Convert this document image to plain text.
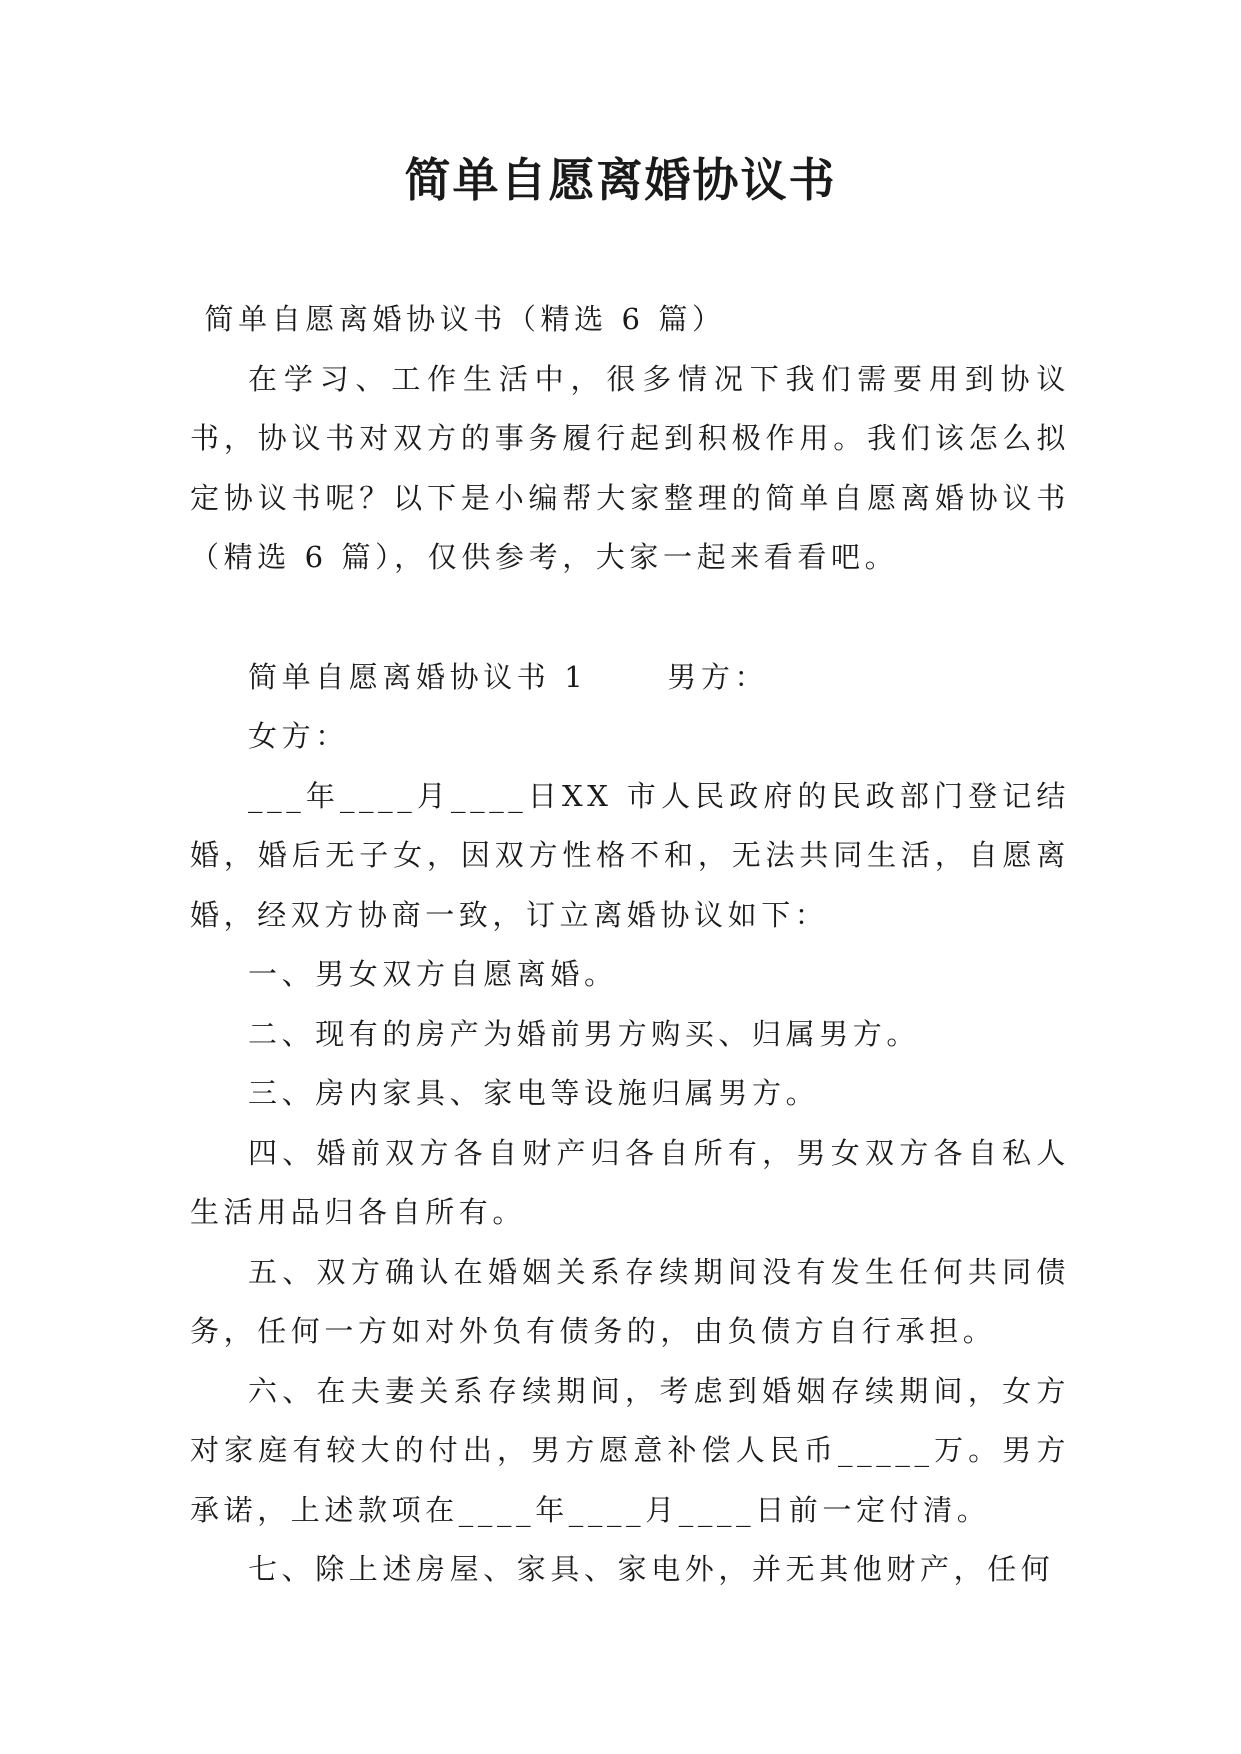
简单自愿离婚协议书

简单自愿离婚协议书（精选 6 篇）

在学习、工作生活中，很多情况下我们需要用到协议书，协议书对双方的事务履行起到积极作用。我们该怎么拟定协议书呢？以下是小编帮大家整理的简单自愿离婚协议书（精选 6 篇），仅供参考，大家一起来看看吧。

简单自愿离婚协议书 1	男方：

女方：

___年____月____日XX 市人民政府的民政部门登记结婚，婚后无子女，因双方性格不和，无法共同生活，自愿离婚，经双方协商一致，订立离婚协议如下：

一、男女双方自愿离婚。

二、现有的房产为婚前男方购买、归属男方。

三、房内家具、家电等设施归属男方。

四、婚前双方各自财产归各自所有，男女双方各自私人生活用品归各自所有。

五、双方确认在婚姻关系存续期间没有发生任何共同债务，任何一方如对外负有债务的，由负债方自行承担。

六、在夫妻关系存续期间，考虑到婚姻存续期间，女方对家庭有较大的付出，男方愿意补偿人民币_____万。男方承诺，上述款项在____年____月____日前一定付清。

七、除上述房屋、家具、家电外，并无其他财产，任何
